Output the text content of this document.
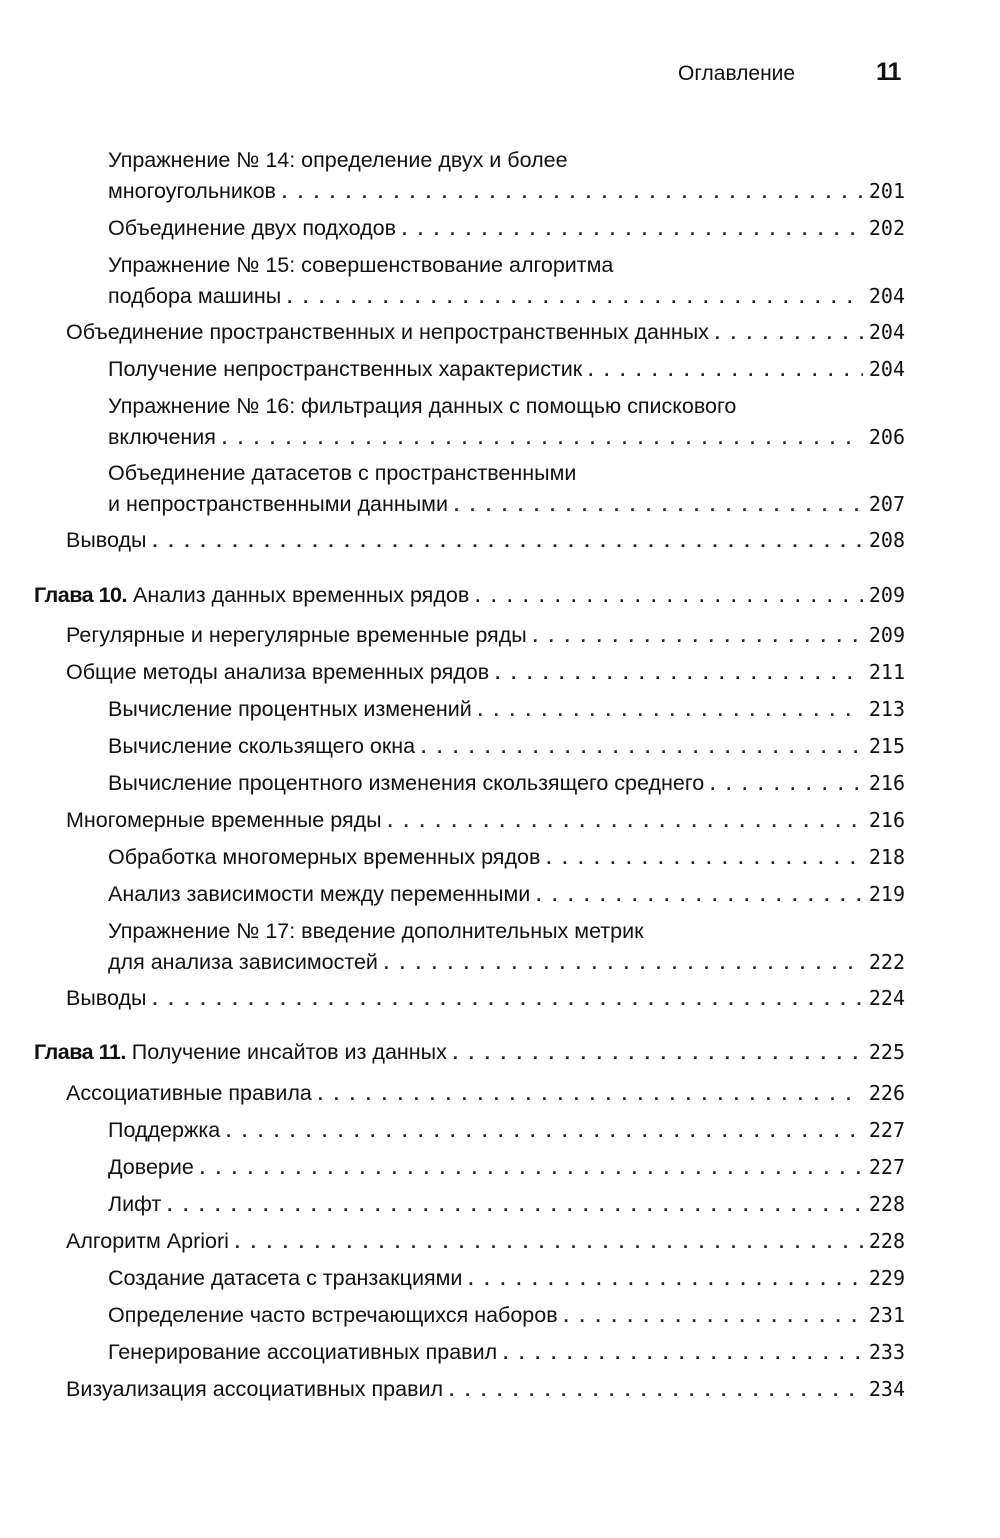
Оглавление	11
Упражнение № 14: определение двух и более
многоугольников . . .	201
Объединение двух подходов . . .	202
Упражнение № 15: совершенствование алгоритма
подбора машины . . .	204
Объединение пространственных и непространственных данных . . .	204
Получение непространственных характеристик . . .	204
Упражнение № 16: фильтрация данных с помощью спискового
включения . . .	206
Объединение датасетов с пространственными
и непространственными данными . . .	207
Выводы . . .	208
Глава 10. Анализ данных временных рядов . . .	209
Регулярные и нерегулярные временные ряды . . .	209
Общие методы анализа временных рядов . . .	211
Вычисление процентных изменений . . .	213
Вычисление скользящего окна . . .	215
Вычисление процентного изменения скользящего среднего . . .	216
Многомерные временные ряды . . .	216
Обработка многомерных временных рядов . . .	218
Анализ зависимости между переменными . . .	219
Упражнение № 17: введение дополнительных метрик
для анализа зависимостей . . .	222
Выводы . . .	224
Глава 11. Получение инсайтов из данных . . .	225
Ассоциативные правила . . .	226
Поддержка . . .	227
Доверие . . .	227
Лифт . . .	228
Алгоритм Apriori . . .	228
Создание датасета с транзакциями . . .	229
Определение часто встречающихся наборов . . .	231
Генерирование ассоциативных правил . . .	233
Визуализация ассоциативных правил . . .	234
